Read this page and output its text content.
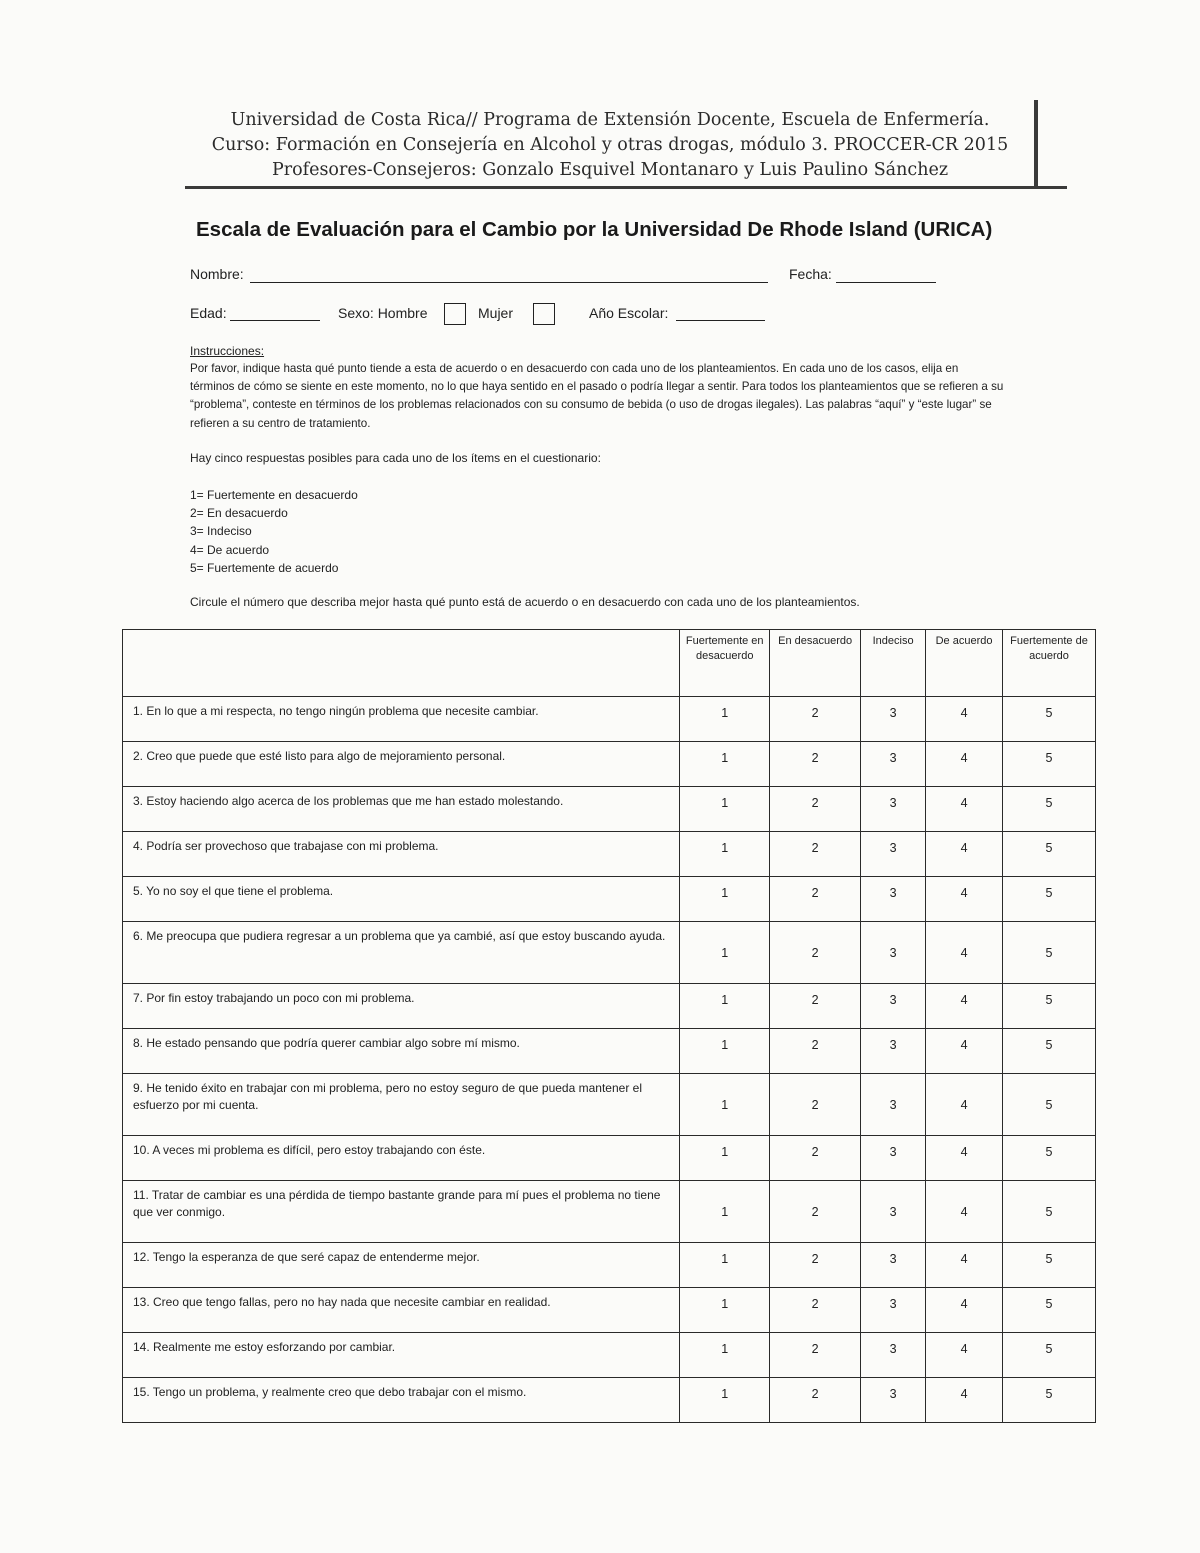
Universidad de Costa Rica// Programa de Extensión Docente, Escuela de Enfermería.
Curso: Formación en Consejería en Alcohol y otras drogas, módulo 3. PROCCER-CR 2015
Profesores-Consejeros: Gonzalo Esquivel Montanaro y Luis Paulino Sánchez
Escala de Evaluación para el Cambio por la Universidad De Rhode Island (URICA)
Nombre:	Fecha:
Edad:	Sexo: Hombre	Mujer	Año Escolar:
Instrucciones:
Por favor, indique hasta qué punto tiende a esta de acuerdo o en desacuerdo con cada uno de los planteamientos. En cada uno de los casos, elija en términos de cómo se siente en este momento, no lo que haya sentido en el pasado o podría llegar a sentir. Para todos los planteamientos que se refieren a su “problema”, conteste en términos de los problemas relacionados con su consumo de bebida (o uso de drogas ilegales). Las palabras “aquí” y “este lugar” se refieren a su centro de tratamiento.
Hay cinco respuestas posibles para cada uno de los ítems en el cuestionario:
1= Fuertemente en desacuerdo
2= En desacuerdo
3= Indeciso
4= De acuerdo
5= Fuertemente de acuerdo
Circule el número que describa mejor hasta qué punto está de acuerdo o en desacuerdo con cada uno de los planteamientos.
	Fuertemente en desacuerdo	En desacuerdo	Indeciso	De acuerdo	Fuertemente de acuerdo
1. En lo que a mi respecta, no tengo ningún problema que necesite cambiar.	1	2	3	4	5
2. Creo que puede que esté listo para algo de mejoramiento personal.	1	2	3	4	5
3. Estoy haciendo algo acerca de los problemas que me han estado molestando.	1	2	3	4	5
4. Podría ser provechoso que trabajase con mi problema.	1	2	3	4	5
5. Yo no soy el que tiene el problema.	1	2	3	4	5
6. Me preocupa que pudiera regresar a un problema que ya cambié, así que estoy buscando ayuda.	1	2	3	4	5
7. Por fin estoy trabajando un poco con mi problema.	1	2	3	4	5
8. He estado pensando que podría querer cambiar algo sobre mí mismo.	1	2	3	4	5
9. He tenido éxito en trabajar con mi problema, pero no estoy seguro de que pueda mantener el esfuerzo por mi cuenta.	1	2	3	4	5
10. A veces mi problema es difícil, pero estoy trabajando con éste.	1	2	3	4	5
11. Tratar de cambiar es una pérdida de tiempo bastante grande para mí pues el problema no tiene que ver conmigo.	1	2	3	4	5
12. Tengo la esperanza de que seré capaz de entenderme mejor.	1	2	3	4	5
13. Creo que tengo fallas, pero no hay nada que necesite cambiar en realidad.	1	2	3	4	5
14. Realmente me estoy esforzando por cambiar.	1	2	3	4	5
15. Tengo un problema, y realmente creo que debo trabajar con el mismo.	1	2	3	4	5
